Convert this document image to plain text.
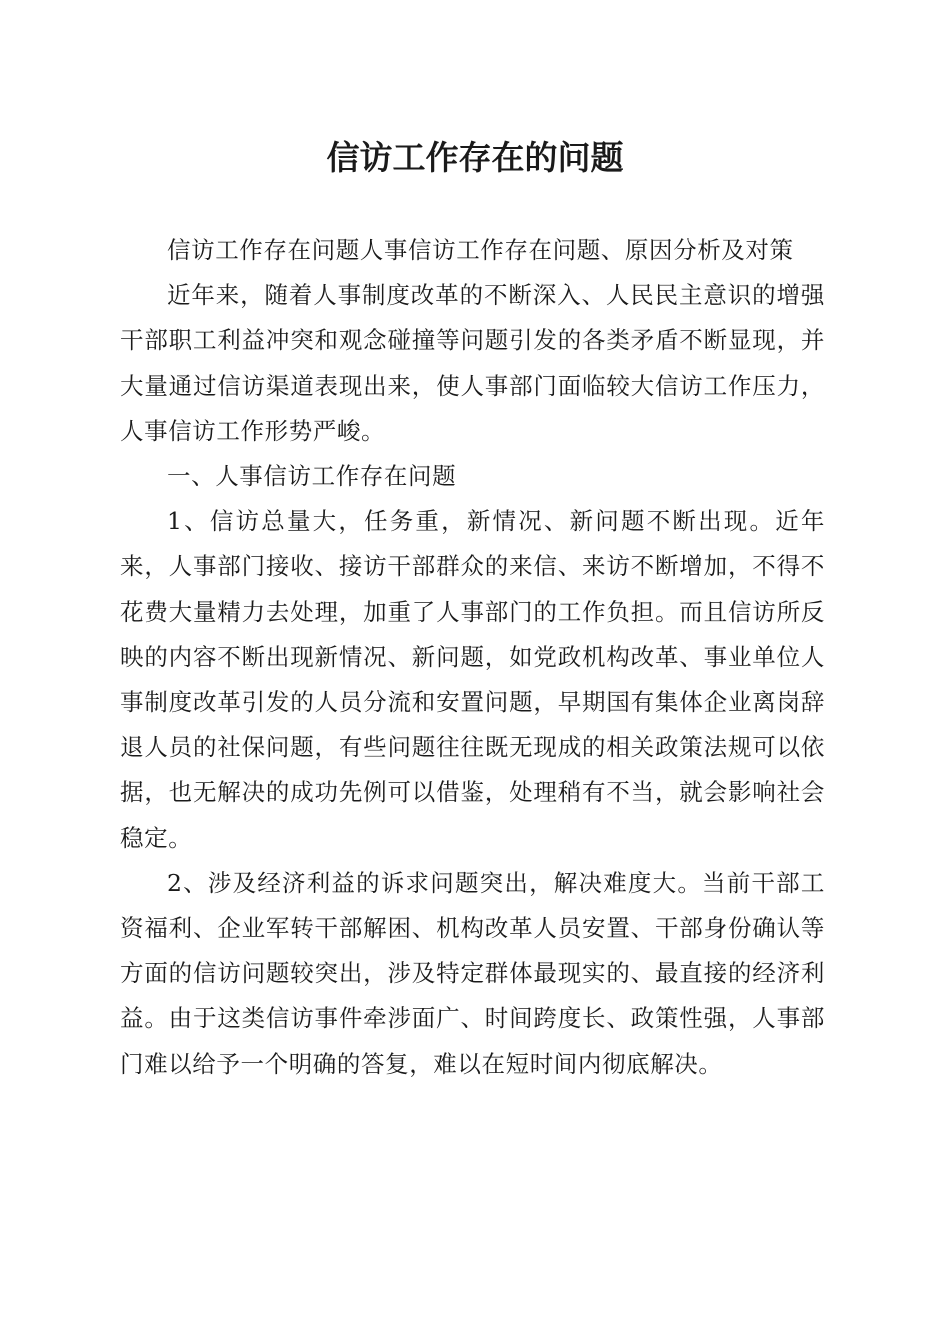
信访工作存在的问题

信访工作存在问题人事信访工作存在问题、原因分析及对策

近年来，随着人事制度改革的不断深入、人民民主意识的增强干部职工利益冲突和观念碰撞等问题引发的各类矛盾不断显现，并大量通过信访渠道表现出来，使人事部门面临较大信访工作压力，人事信访工作形势严峻。

一、人事信访工作存在问题

1、信访总量大，任务重，新情况、新问题不断出现。近年来，人事部门接收、接访干部群众的来信、来访不断增加，不得不花费大量精力去处理，加重了人事部门的工作负担。而且信访所反映的内容不断出现新情况、新问题，如党政机构改革、事业单位人事制度改革引发的人员分流和安置问题，早期国有集体企业离岗辞退人员的社保问题，有些问题往往既无现成的相关政策法规可以依据，也无解决的成功先例可以借鉴，处理稍有不当，就会影响社会稳定。

2、涉及经济利益的诉求问题突出，解决难度大。当前干部工资福利、企业军转干部解困、机构改革人员安置、干部身份确认等方面的信访问题较突出，涉及特定群体最现实的、最直接的经济利益。由于这类信访事件牵涉面广、时间跨度长、政策性强，人事部门难以给予一个明确的答复，难以在短时间内彻底解决。
